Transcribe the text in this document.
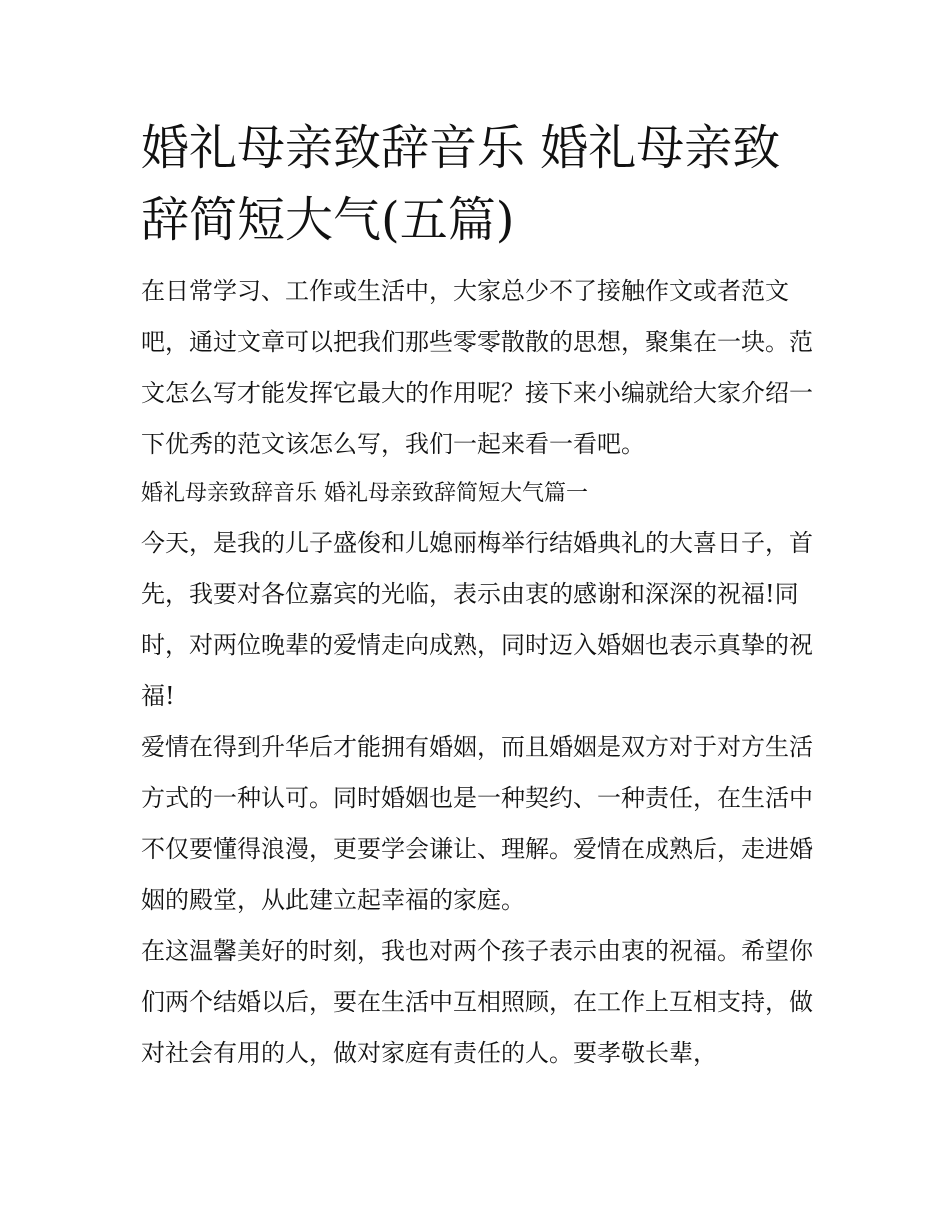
婚礼母亲致辞音乐 婚礼母亲致辞简短大气(五篇)

在日常学习、工作或生活中，大家总少不了接触作文或者范文吧，通过文章可以把我们那些零零散散的思想，聚集在一块。范文怎么写才能发挥它最大的作用呢？接下来小编就给大家介绍一下优秀的范文该怎么写，我们一起来看一看吧。

婚礼母亲致辞音乐 婚礼母亲致辞简短大气篇一

今天，是我的儿子盛俊和儿媳丽梅举行结婚典礼的大喜日子，首先，我要对各位嘉宾的光临，表示由衷的感谢和深深的祝福!同时，对两位晚辈的爱情走向成熟，同时迈入婚姻也表示真挚的祝福!

爱情在得到升华后才能拥有婚姻，而且婚姻是双方对于对方生活方式的一种认可。同时婚姻也是一种契约、一种责任，在生活中不仅要懂得浪漫，更要学会谦让、理解。爱情在成熟后，走进婚姻的殿堂，从此建立起幸福的家庭。

在这温馨美好的时刻，我也对两个孩子表示由衷的祝福。希望你们两个结婚以后，要在生活中互相照顾，在工作上互相支持，做对社会有用的人，做对家庭有责任的人。要孝敬长辈，
